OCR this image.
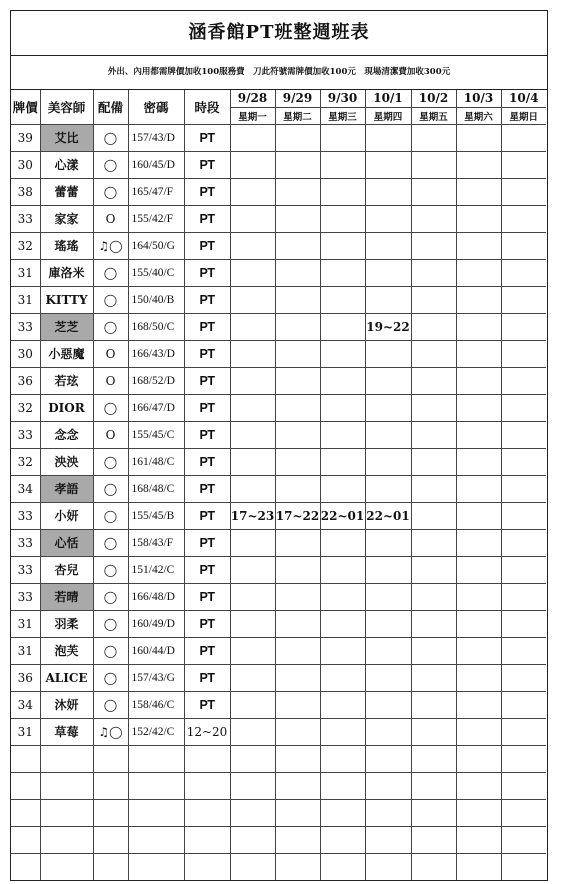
涵香館PT班整週班表
外出、內用都需牌價加收100服務費　刀此符號需牌價加收100元　現場清潔費加收300元
牌價	美容師	配備	密碼	時段	9/28	9/29	9/30	10/1	10/2	10/3	10/4
					星期一	星期二	星期三	星期四	星期五	星期六	星期日
39	艾比	◯	157/43/D	PT							
30	心漾	◯	160/45/D	PT							
38	蕾蕾	◯	165/47/F	PT							
33	家家	O	155/42/F	PT							
32	瑤瑤	♫◯	164/50/G	PT							
31	庫洛米	◯	155/40/C	PT							
31	KITTY	◯	150/40/B	PT							
33	芝芝	◯	168/50/C	PT				19~22			
30	小惡魔	O	166/43/D	PT							
36	若玹	O	168/52/D	PT							
32	DIOR	◯	166/47/D	PT							
33	念念	O	155/45/C	PT							
32	泱泱	◯	161/48/C	PT							
34	孝語	◯	168/48/C	PT							
33	小妍	◯	155/45/B	PT	17~23	17~22	22~01	22~01			
33	心恬	◯	158/43/F	PT							
33	杏兒	◯	151/42/C	PT							
33	若晴	◯	166/48/D	PT							
31	羽柔	◯	160/49/D	PT							
31	泡芙	◯	160/44/D	PT							
36	ALICE	◯	157/43/G	PT							
34	沐妍	◯	158/46/C	PT							
31	草莓	♫◯	152/42/C	12~20							
